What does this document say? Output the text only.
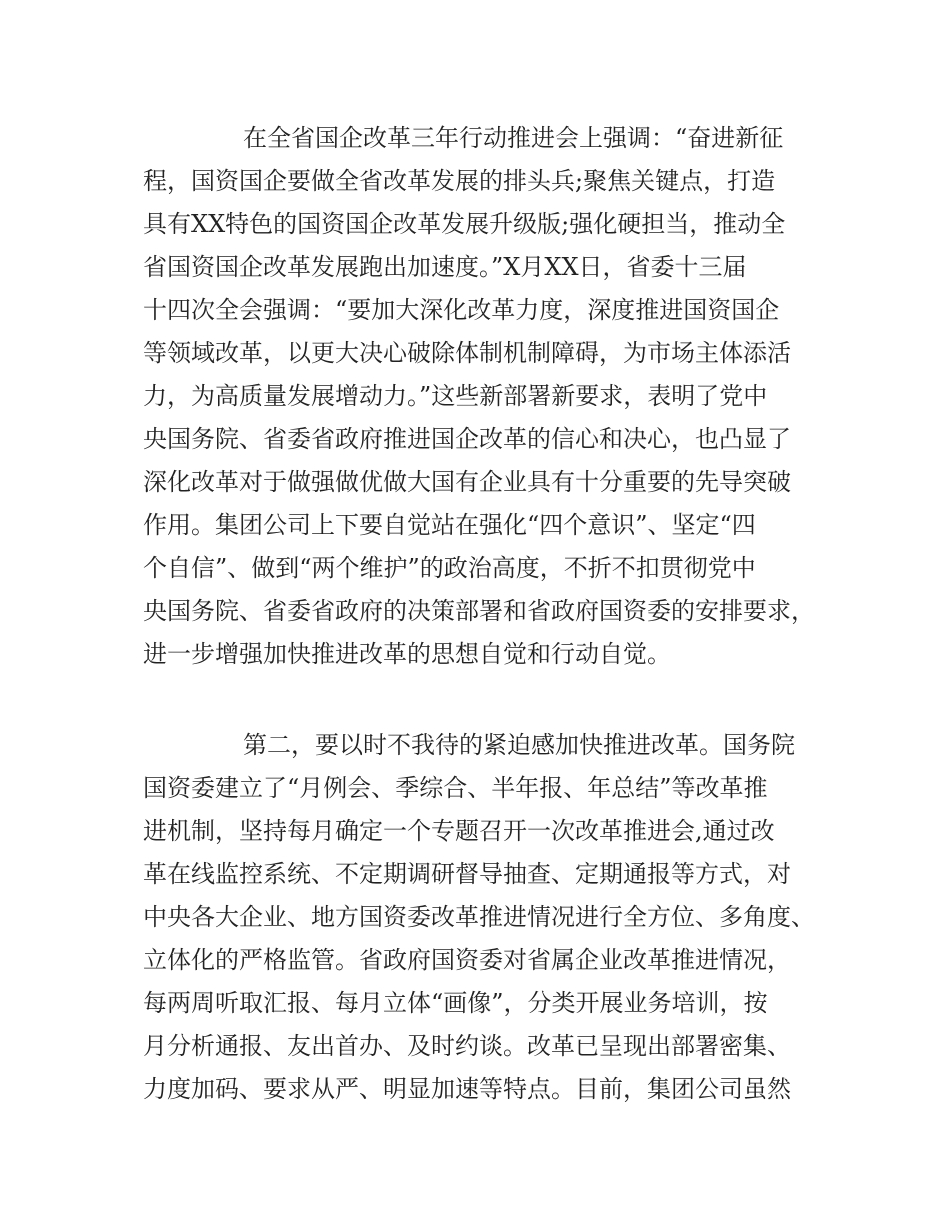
在全省国企改革三年行动推进会上强调：“奋进新征

程，国资国企要做全省改革发展的排头兵;聚焦关键点，打造

具有XX特色的国资国企改革发展升级版;强化硬担当，推动全

省国资国企改革发展跑出加速度。”X月XX日，省委十三届

十四次全会强调：“要加大深化改革力度，深度推进国资国企

等领域改革，以更大决心破除体制机制障碍，为市场主体添活

力，为高质量发展增动力。”这些新部署新要求，表明了党中

央国务院、省委省政府推进国企改革的信心和决心，也凸显了

深化改革对于做强做优做大国有企业具有十分重要的先导突破

作用。集团公司上下要自觉站在强化“四个意识”、坚定“四

个自信”、做到“两个维护”的政治高度，不折不扣贯彻党中

央国务院、省委省政府的决策部署和省政府国资委的安排要求，

进一步增强加快推进改革的思想自觉和行动自觉。

第二，要以时不我待的紧迫感加快推进改革。国务院

国资委建立了“月例会、季综合、半年报、年总结”等改革推

进机制，坚持每月确定一个专题召开一次改革推进会,通过改

革在线监控系统、不定期调研督导抽查、定期通报等方式，对

中央各大企业、地方国资委改革推进情况进行全方位、多角度、

立体化的严格监管。省政府国资委对省属企业改革推进情况，

每两周听取汇报、每月立体“画像”，分类开展业务培训，按

月分析通报、友出首办、及时约谈。改革已呈现出部署密集、

力度加码、要求从严、明显加速等特点。目前，集团公司虽然
